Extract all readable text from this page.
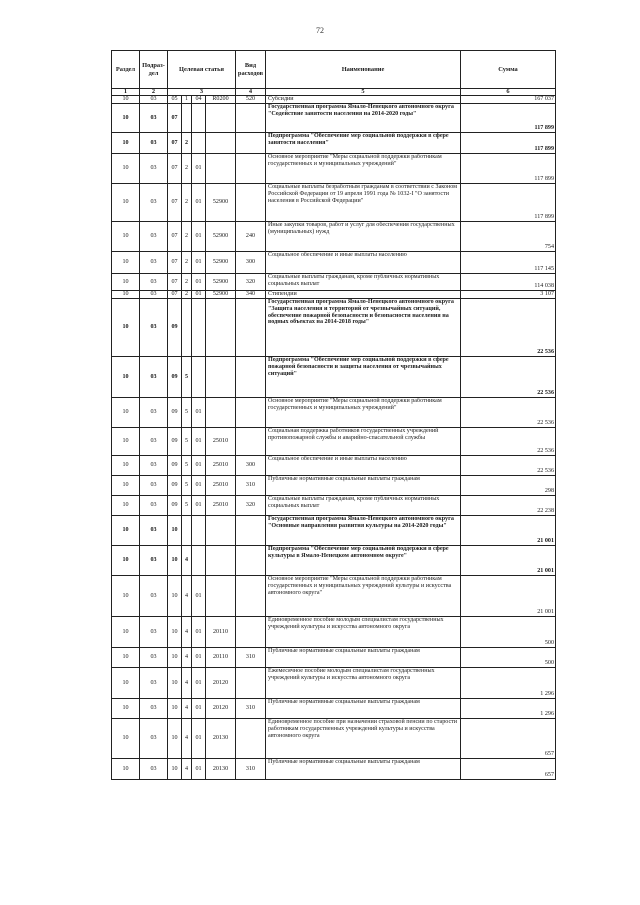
72
Раздел	Подраз-дел	Целевая статья				Вид расходов	Наименование	Сумма
1	2	3				4	5	6
10	03	05	1	04	R0200	520	Субсидии	167 037
10	03	07					Государственная программа Ямало-Ненецкого автономного округа "Содействие занятости населения на 2014-2020 годы"	117 899
10	03	07	2				Подпрограмма "Обеспечение мер социальной поддержки в сфере занятости населения"	117 899
10	03	07	2	01			Основное мероприятие "Меры социальной поддержки работникам государственных и муниципальных учреждений"	117 899
10	03	07	2	01	52900		Социальные выплаты безработным гражданам в соответствии с Законом Российской Федерации от 19 апреля 1991 года № 1032-I "О занятости населения в Российской Федерации"	117 899
10	03	07	2	01	52900	240	Иные закупки товаров, работ и услуг для обеспечения государственных (муниципальных) нужд	754
10	03	07	2	01	52900	300	Социальное обеспечение и иные выплаты населению	117 145
10	03	07	2	01	52900	320	Социальные выплаты гражданам, кроме публичных нормативных социальных выплат	114 038
10	03	07	2	01	52900	340	Стипендии	3 107
10	03	09					Государственная программа Ямало-Ненецкого автономного округа "Защита населения и территорий от чрезвычайных ситуаций, обеспечение пожарной безопасности и безопасности населения на водных объектах на 2014-2018 годы"	22 536
10	03	09	5				Подпрограмма "Обеспечение мер социальной поддержки в сфере пожарной безопасности и защиты населения от чрезвычайных ситуаций"	22 536
10	03	09	5	01			Основное мероприятие "Меры социальной поддержки работникам государственных и муниципальных учреждений"	22 536
10	03	09	5	01	25010		Социальная поддержка работников государственных учреждений противопожарной службы и аварийно-спасательной службы	22 536
10	03	09	5	01	25010	300	Социальное обеспечение и иные выплаты населению	22 536
10	03	09	5	01	25010	310	Публичные нормативные социальные выплаты гражданам	298
10	03	09	5	01	25010	320	Социальные выплаты гражданам, кроме публичных нормативных социальных выплат	22 238
10	03	10					Государственная программа Ямало-Ненецкого автономного округа "Основные направления развития культуры на 2014-2020 годы"	21 001
10	03	10	4				Подпрограмма "Обеспечение мер социальной поддержки в сфере культуры в Ямало-Ненецком автономном округе"	21 001
10	03	10	4	01			Основное мероприятие "Меры социальной поддержки работникам государственных и муниципальных учреждений культуры и искусства автономного округа"	21 001
10	03	10	4	01	20110		Единовременное пособие молодым специалистам государственных учреждений культуры и искусства автономного округа	500
10	03	10	4	01	20110	310	Публичные нормативные социальные выплаты гражданам	500
10	03	10	4	01	20120		Ежемесячное пособие молодым специалистам государственных учреждений культуры и искусства автономного округа	1 296
10	03	10	4	01	20120	310	Публичные нормативные социальные выплаты гражданам	1 296
10	03	10	4	01	20130		Единовременное пособие при назначении страховой пенсии по старости работникам государственных учреждений культуры и искусства автономного округа	657
10	03	10	4	01	20130	310	Публичные нормативные социальные выплаты гражданам	657
